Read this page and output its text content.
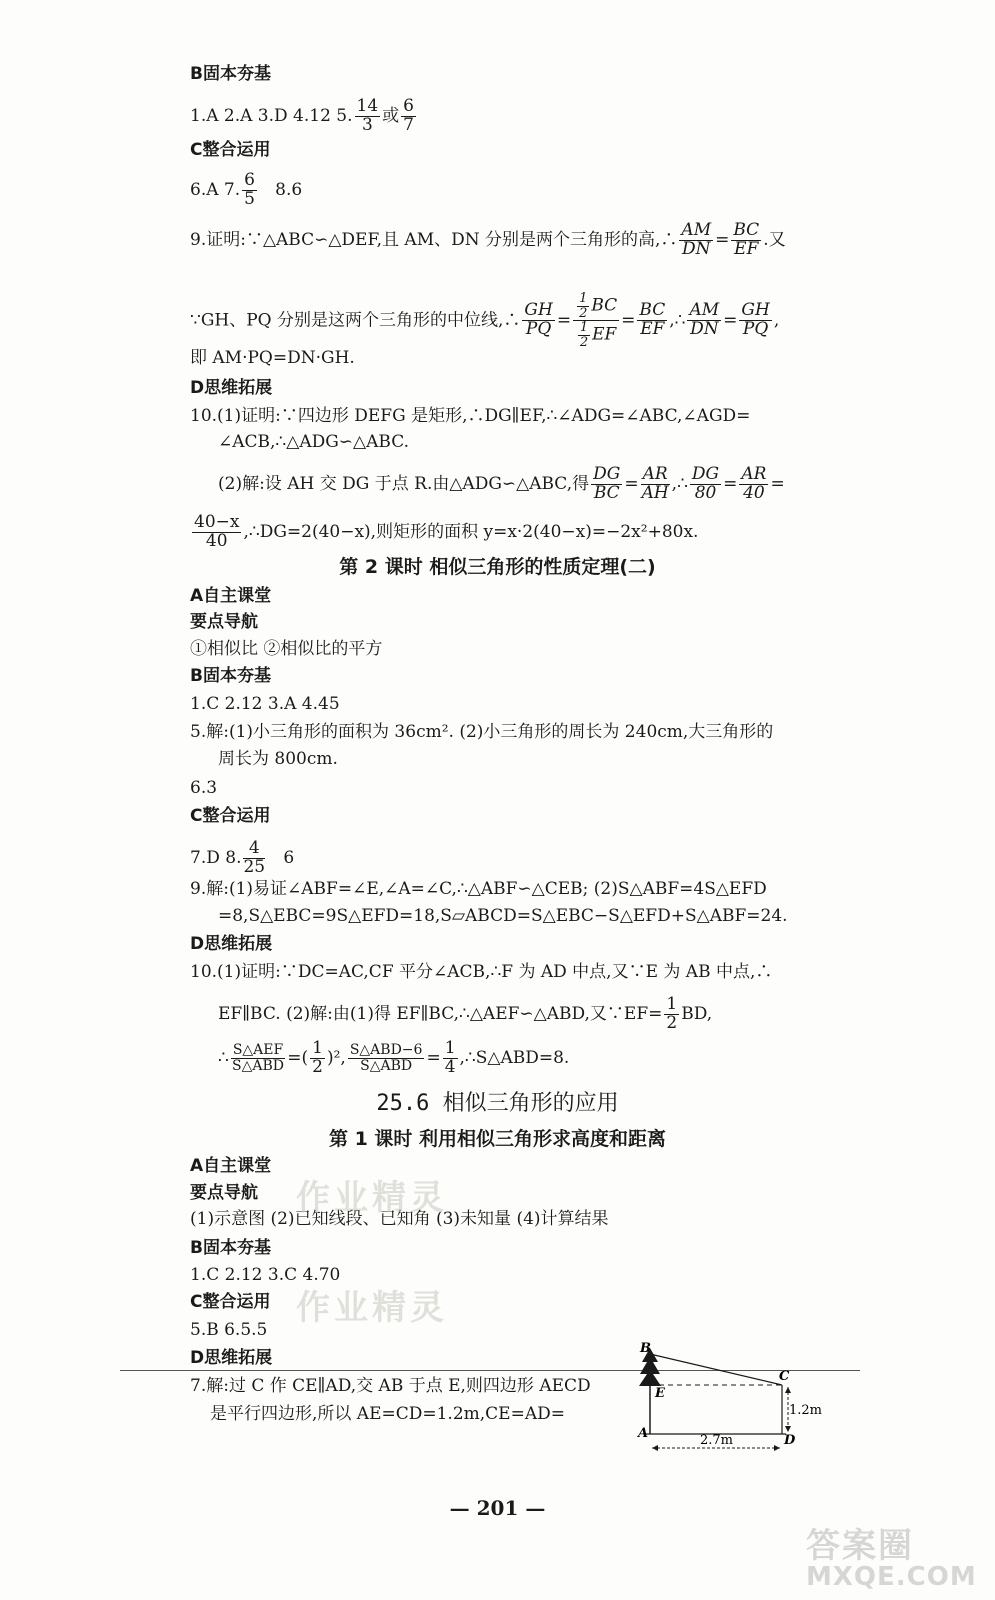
B固本夯基
1.A 2.A 3.D 4.12 5. $\frac{14}{3}$ 或 $\frac{6}{7}$
C整合运用
6.A 7. $\frac{6}{5} 8.6$
9.证明:∵△ABC∽△DEF,且 AM、DN 分别是两个三角形的高,∴ $\frac{AM}{DN} = \frac{BC}{EF}$ .又
∵GH、PQ 分别是这两个三角形的中位线,∴ $\frac{GH}{PQ} = \frac{\frac{1}{2} BC}{\frac{1}{2} EF} = \frac{BC}{EF}$ ,∴ $\frac{AM}{DN} = \frac{GH}{PQ}$ ,
即 AM·PQ=DN·GH.
D思维拓展
10.(1)证明:∵四边形 DEFG 是矩形,∴DG∥EF,∴∠ADG=∠ABC,∠AGD=
∠ACB,∴△ADG∽△ABC.
(2)解:设 AH 交 DG 于点 R.由△ADG∽△ABC,得 $\frac{DG}{BC} = \frac{AR}{AH}$ ,∴ $\frac{DG}{80} = \frac{AR}{40}$ =
$\frac{40-x}{40}$ ,∴DG=2(40−x),则矩形的面积 y=x·2(40−x)=−2x²+80x.
第 2 课时 相似三角形的性质定理(二)
A自主课堂
要点导航
①相似比 ②相似比的平方
B固本夯基
1.C 2.12 3.A 4.45
5.解:(1)小三角形的面积为 36cm². (2)小三角形的周长为 240cm,大三角形的
周长为 800cm.
6.3
C整合运用
7.D 8. $\frac{4}{25} 6$
9.解:(1)易证∠ABF=∠E,∠A=∠C,∴△ABF∽△CEB; (2)S△ABF=4S△EFD
=8,S△EBC=9S△EFD=18,S▱ABCD=S△EBC−S△EFD+S△ABF=24.
D思维拓展
10.(1)证明:∵DC=AC,CF 平分∠ACB,∴F 为 AD 中点,又∵E 为 AB 中点,∴
EF∥BC. (2)解:由(1)得 EF∥BC,∴△AEF∽△ABD,又∵EF= $\frac{1}{2}$ BD,
∴ S△AEF
S△ABD =( $\frac{1}{2} )^2$, S△ABD−6
S△ABD = $\frac{1}{4}$ ,∴S△ABD=8.
25.6 相似三角形的应用
第 1 课时 利用相似三角形求高度和距离
A自主课堂
要点导航
(1)示意图 (2)已知线段、已知角 (3)未知量 (4)计算结果
B固本夯基
1.C 2.12 3.C 4.70
C整合运用
5.B 6.5.5
D思维拓展
7.解:过 C 作 CE∥AD,交 AB 于点 E,则四边形 AECD
是平行四边形,所以 AE=CD=1.2m,CE=AD=
B
C
E
A	D
1.2m
2.7m
作业精灵
作业精灵
— 201 —
答案圈
MXQE.COM
